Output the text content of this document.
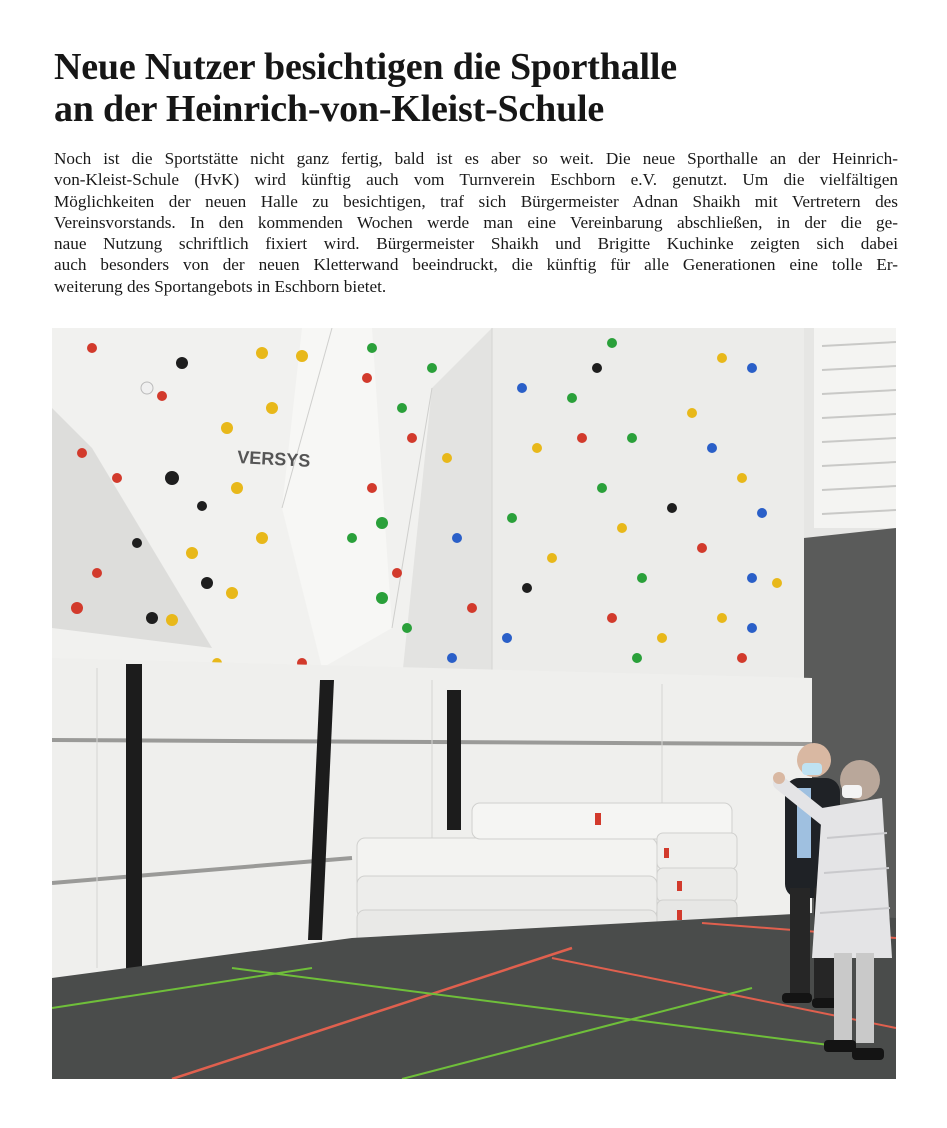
Neue Nutzer besichtigen die Sporthalle
an der Heinrich-von-Kleist-Schule
Noch ist die Sportstätte nicht ganz fertig, bald ist es aber so weit. Die neue Sporthalle an der Heinrich-
von-Kleist-Schule (HvK) wird künftig auch vom Turnverein Eschborn e.V. genutzt. Um die vielfältigen
Möglichkeiten der neuen Halle zu besichtigen, traf sich Bürgermeister Adnan Shaikh mit Vertretern des
Vereinsvorstands. In den kommenden Wochen werde man eine Vereinbarung abschließen, in der die ge-
naue Nutzung schriftlich fixiert wird. Bürgermeister Shaikh und Brigitte Kuchinke zeigten sich dabei
auch besonders von der neuen Kletterwand beeindruckt, die künftig für alle Generationen eine tolle Er-
weiterung des Sportangebots in Eschborn bietet.
VERSYS
